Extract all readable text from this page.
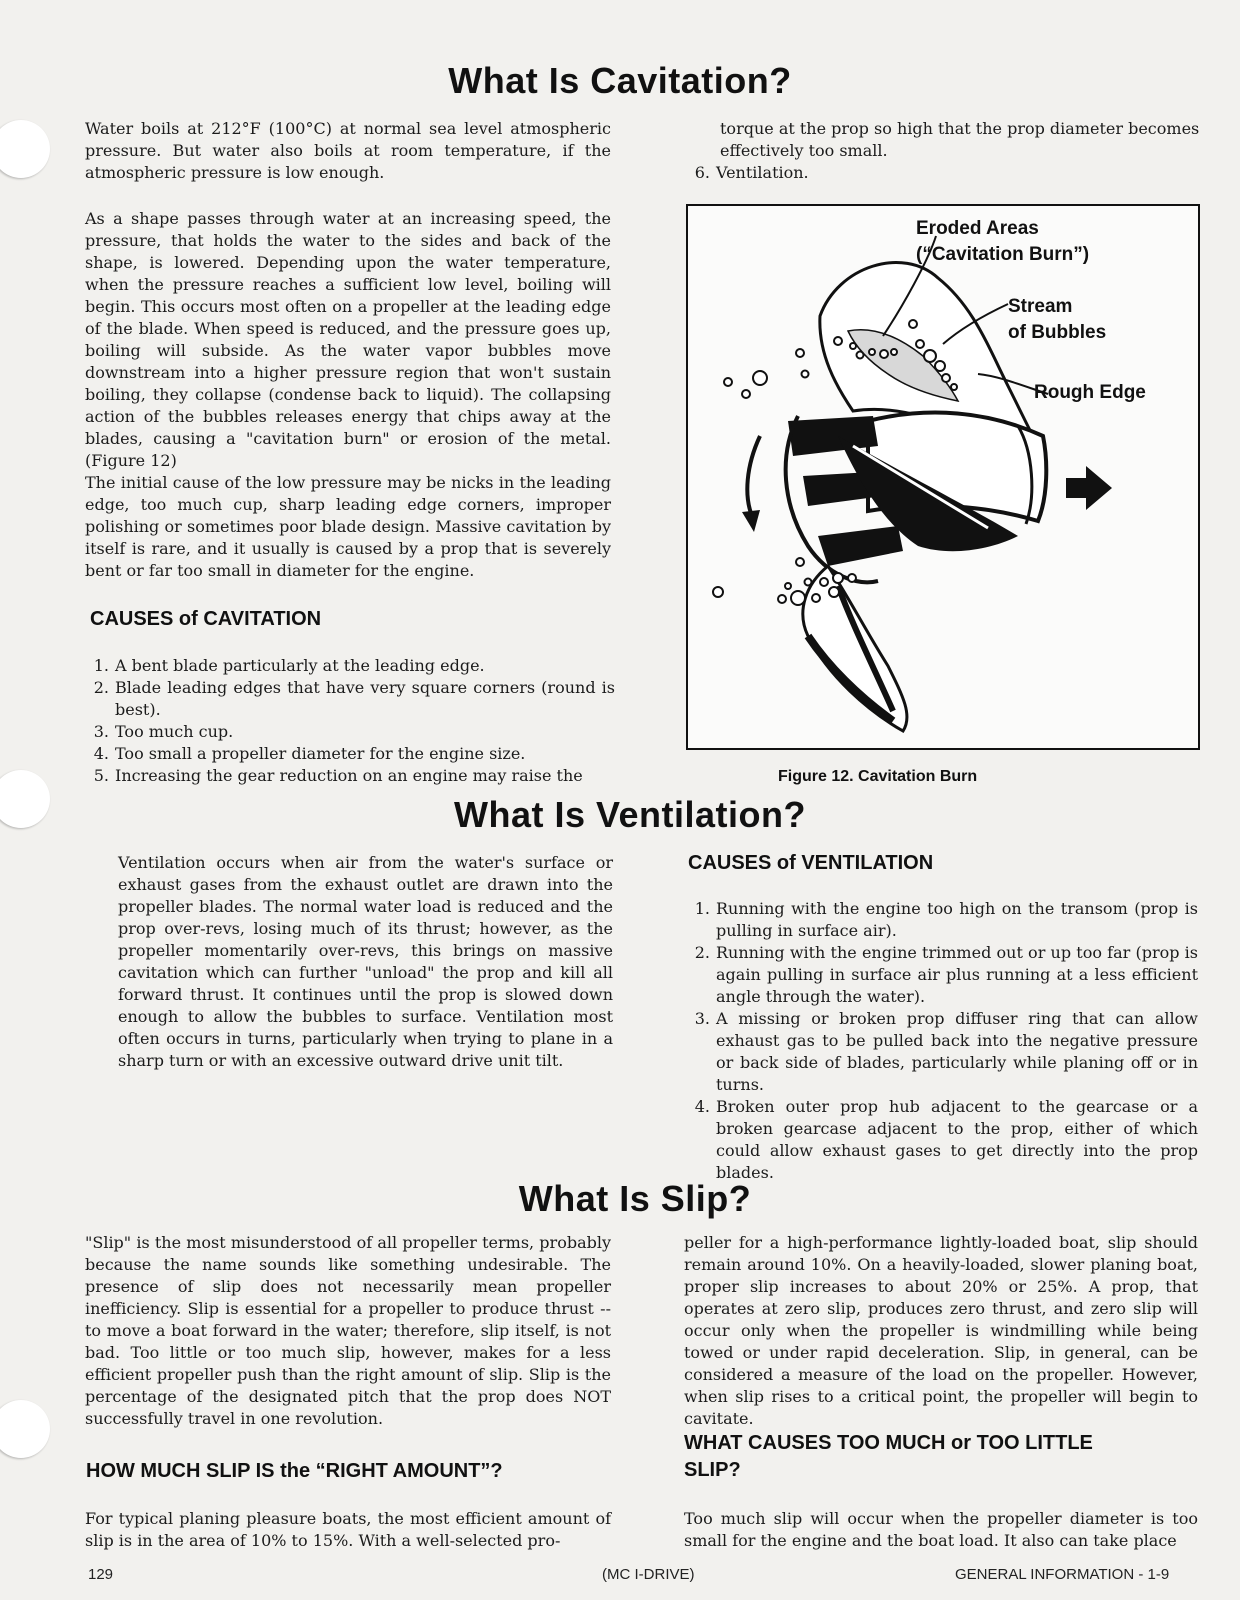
What Is Cavitation?

Water boils at 212°F (100°C) at normal sea level atmospheric pressure. But water also boils at room temperature, if the atmospheric pressure is low enough.

As a shape passes through water at an increasing speed, the pressure, that holds the water to the sides and back of the shape, is lowered. Depending upon the water temperature, when the pressure reaches a sufficient low level, boiling will begin. This occurs most often on a propeller at the leading edge of the blade. When speed is reduced, and the pressure goes up, boiling will subside. As the water vapor bubbles move downstream into a higher pressure region that won't sustain boiling, they collapse (condense back to liquid). The collapsing action of the bubbles releases energy that chips away at the blades, causing a "cavitation burn" or erosion of the metal. (Figure 12)

The initial cause of the low pressure may be nicks in the leading edge, too much cup, sharp leading edge corners, improper polishing or sometimes poor blade design. Massive cavitation by itself is rare, and it usually is caused by a prop that is severely bent or far too small in diameter for the engine.

CAUSES of CAVITATION
1. A bent blade particularly at the leading edge.
2. Blade leading edges that have very square corners (round is best).
3. Too much cup.
4. Too small a propeller diameter for the engine size.
5. Increasing the gear reduction on an engine may raise the

torque at the prop so high that the prop diameter becomes effectively too small.

6. Ventilation.
Eroded Areas
(“Cavitation Burn”)
Stream
of Bubbles
Rough Edge
Figure 12. Cavitation Burn
What Is Ventilation?

Ventilation occurs when air from the water's surface or exhaust gases from the exhaust outlet are drawn into the propeller blades. The normal water load is reduced and the prop over-revs, losing much of its thrust; however, as the propeller momentarily over-revs, this brings on massive cavitation which can further "unload" the prop and kill all forward thrust. It continues until the prop is slowed down enough to allow the bubbles to surface. Ventilation most often occurs in turns, particularly when trying to plane in a sharp turn or with an excessive outward drive unit tilt.

CAUSES of VENTILATION
1. Running with the engine too high on the transom (prop is pulling in surface air).
2. Running with the engine trimmed out or up too far (prop is again pulling in surface air plus running at a less efficient angle through the water).
3. A missing or broken prop diffuser ring that can allow exhaust gas to be pulled back into the negative pressure or back side of blades, particularly while planing off or in turns.
4. Broken outer prop hub adjacent to the gearcase or a broken gearcase adjacent to the prop, either of which could allow exhaust gases to get directly into the prop blades.
What Is Slip?

"Slip" is the most misunderstood of all propeller terms, probably because the name sounds like something undesirable. The presence of slip does not necessarily mean propeller inefficiency. Slip is essential for a propeller to produce thrust -- to move a boat forward in the water; therefore, slip itself, is not bad. Too little or too much slip, however, makes for a less efficient propeller push than the right amount of slip. Slip is the percentage of the designated pitch that the prop does NOT successfully travel in one revolution.

HOW MUCH SLIP IS the “RIGHT AMOUNT”?

For typical planing pleasure boats, the most efficient amount of slip is in the area of 10% to 15%. With a well-selected pro-

peller for a high-performance lightly-loaded boat, slip should remain around 10%. On a heavily-loaded, slower planing boat, proper slip increases to about 20% or 25%. A prop, that operates at zero slip, produces zero thrust, and zero slip will occur only when the propeller is windmilling while being towed or under rapid deceleration. Slip, in general, can be considered a measure of the load on the propeller. However, when slip rises to a critical point, the propeller will begin to cavitate.

WHAT CAUSES TOO MUCH or TOO LITTLE
SLIP?

Too much slip will occur when the propeller diameter is too small for the engine and the boat load. It also can take place

129	(MC I-DRIVE)	GENERAL INFORMATION - 1-9
